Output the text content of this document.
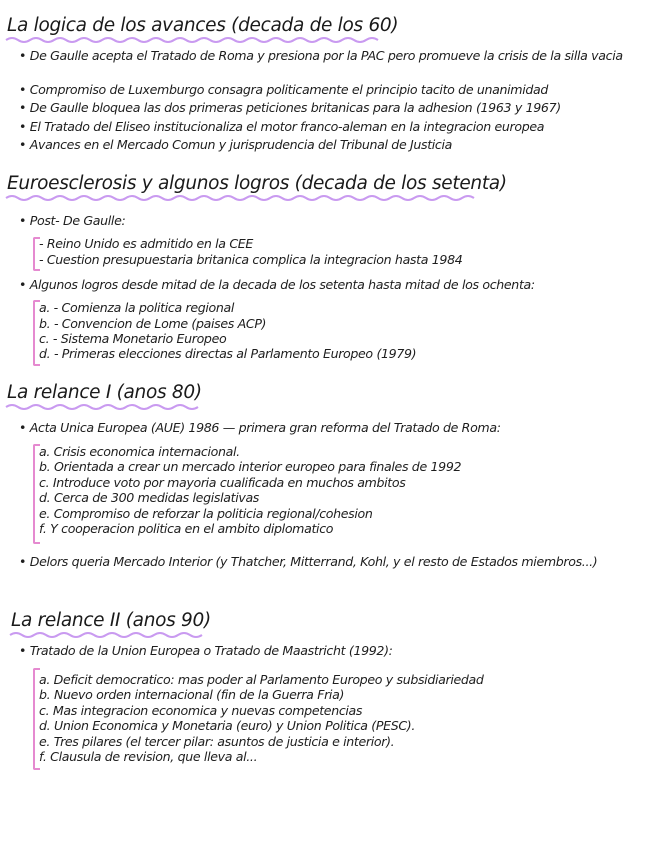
La logica de los avances (decada de los 60)

• De Gaulle acepta el Tratado de Roma y presiona por la PAC pero promueve la crisis de la silla vacia

• Compromiso de Luxemburgo consagra politicamente el principio tacito de unanimidad

• De Gaulle bloquea las dos primeras peticiones britanicas para la adhesion (1963 y 1967)

• El Tratado del Eliseo institucionaliza el motor franco-aleman en la integracion europea

• Avances en el Mercado Comun y jurisprudencia del Tribunal de Justicia

Euroesclerosis y algunos logros (decada de los setenta)

• Post- De Gaulle:

- Reino Unido es admitido en la CEE

- Cuestion presupuestaria britanica complica la integracion hasta 1984

• Algunos logros desde mitad de la decada de los setenta hasta mitad de los ochenta:

a. - Comienza la politica regional

b. - Convencion de Lome (paises ACP)

c. - Sistema Monetario Europeo

d. - Primeras elecciones directas al Parlamento Europeo (1979)

La relance I (anos 80)

• Acta Unica Europea (AUE) 1986 — primera gran reforma del Tratado de Roma:

a. Crisis economica internacional.

b. Orientada a crear un mercado interior europeo para finales de 1992

c. Introduce voto por mayoria cualificada en muchos ambitos

d. Cerca de 300 medidas legislativas

e. Compromiso de reforzar la politicia regional/cohesion

f. Y cooperacion politica en el ambito diplomatico

• Delors queria Mercado Interior (y Thatcher, Mitterrand, Kohl, y el resto de Estados miembros...)

La relance II (anos 90)

• Tratado de la Union Europea o Tratado de Maastricht (1992):

a. Deficit democratico: mas poder al Parlamento Europeo y subsidiariedad

b. Nuevo orden internacional (fin de la Guerra Fria)

c. Mas integracion economica y nuevas competencias

d. Union Economica y Monetaria (euro) y Union Politica (PESC).

e. Tres pilares (el tercer pilar: asuntos de justicia e interior).

f. Clausula de revision, que lleva al...
